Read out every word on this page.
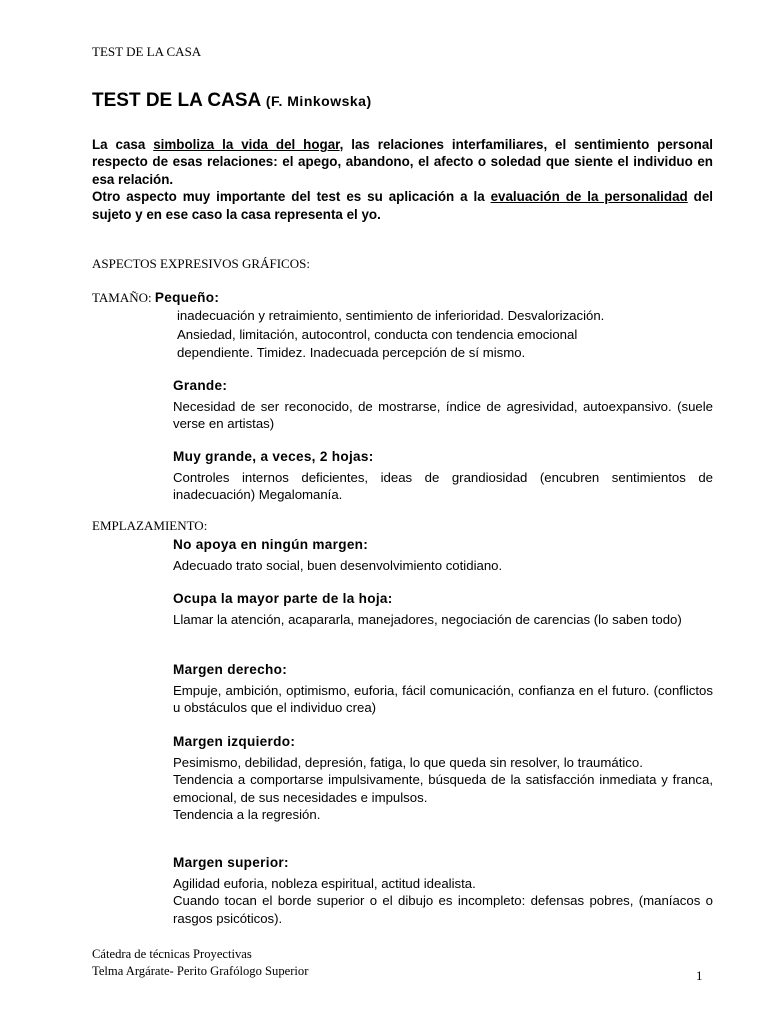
TEST DE LA CASA
TEST DE LA CASA (F. Minkowska)

La casa simboliza la vida del hogar, las relaciones interfamiliares, el sentimiento personal respecto de esas relaciones: el apego, abandono, el afecto o soledad que siente el individuo en esa relación.

Otro aspecto muy importante del test es su aplicación a la evaluación de la personalidad del sujeto y en ese caso la casa representa el yo.

ASPECTOS EXPRESIVOS GRÁFICOS:
TAMAÑO: Pequeño:

inadecuación y retraimiento, sentimiento de inferioridad. Desvalorización.

Ansiedad, limitación, autocontrol, conducta con tendencia emocional

dependiente. Timidez. Inadecuada percepción de sí mismo.

Grande:

Necesidad de ser reconocido, de mostrarse, índice de agresividad, autoexpansivo. (suele verse en artistas)

Muy grande, a veces, 2 hojas:

Controles internos deficientes, ideas de grandiosidad (encubren sentimientos de inadecuación) Megalomanía.

EMPLAZAMIENTO:
No apoya en ningún margen:

Adecuado trato social, buen desenvolvimiento cotidiano.

Ocupa la mayor parte de la hoja:

Llamar la atención, acapararla, manejadores, negociación de carencias (lo saben todo)

Margen derecho:

Empuje, ambición, optimismo, euforia, fácil comunicación, confianza en el futuro. (conflictos u obstáculos que el individuo crea)

Margen izquierdo:

Pesimismo, debilidad, depresión, fatiga, lo que queda sin resolver, lo traumático.

Tendencia a comportarse impulsivamente, búsqueda de la satisfacción inmediata y franca, emocional, de sus necesidades e impulsos.

Tendencia a la regresión.

Margen superior:

Agilidad euforia, nobleza espiritual, actitud idealista.

Cuando tocan el borde superior o el dibujo es incompleto: defensas pobres, (maníacos o rasgos psicóticos).

Cátedra de técnicas Proyectivas

Telma Argárate- Perito Grafólogo Superior	1
